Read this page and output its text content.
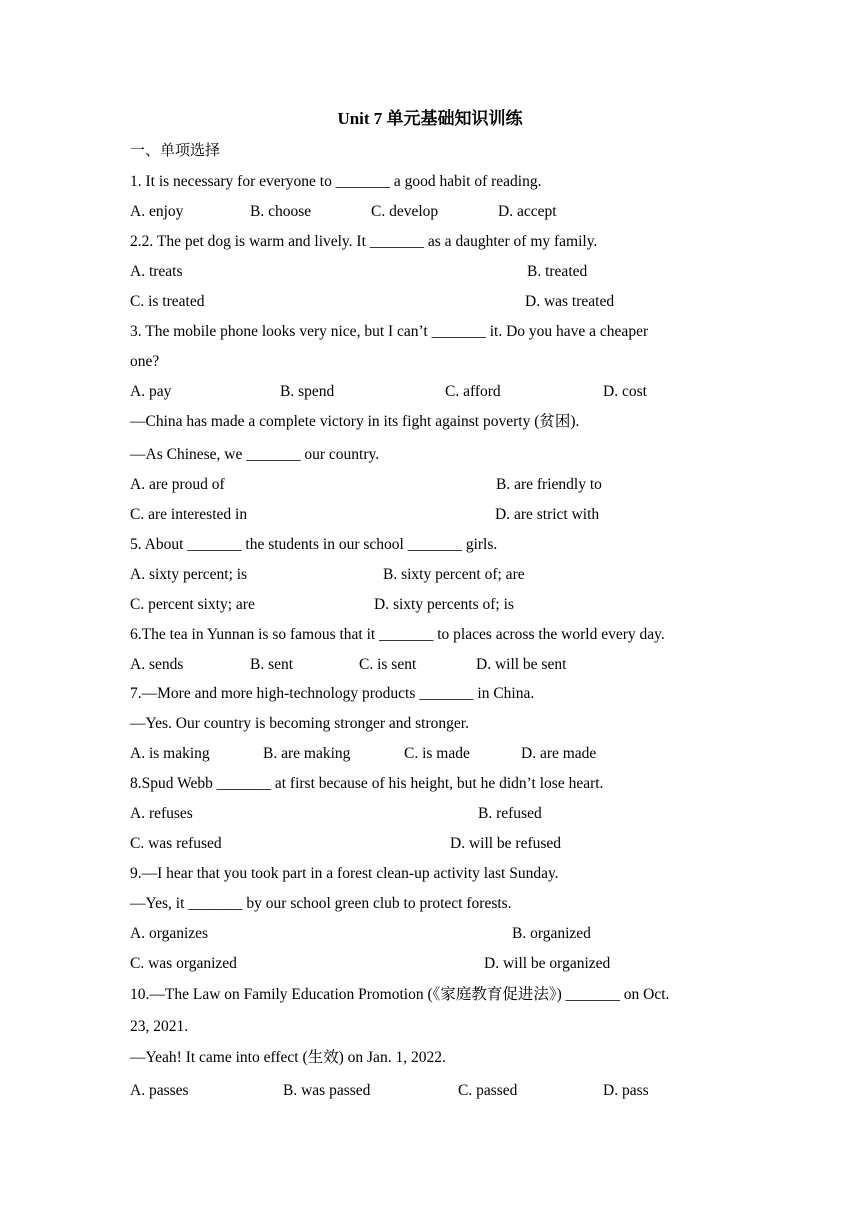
Unit 7 单元基础知识训练
一、单项选择
1. It is necessary for everyone to _______ a good habit of reading.
A. enjoy	B. choose	C. develop	D. accept
2.2. The pet dog is warm and lively. It _______ as a daughter of my family.
A. treats	B. treated
C. is treated	D. was treated
3. The mobile phone looks very nice, but I can’t _______ it. Do you have a cheaper
one?
A. pay	B. spend	C. afford	D. cost
—China has made a complete victory in its fight against poverty (贫困).
—As Chinese, we _______ our country.
A. are proud of	B. are friendly to
C. are interested in	D. are strict with
5. About _______ the students in our school _______ girls.
A. sixty percent; is	B. sixty percent of; are
C. percent sixty; are	D. sixty percents of; is
6.The tea in Yunnan is so famous that it _______ to places across the world every day.
A. sends	B. sent	C. is sent	D. will be sent
7.—More and more high-technology products _______ in China.
—Yes. Our country is becoming stronger and stronger.
A. is making	B. are making	C. is made	D. are made
8.Spud Webb _______ at first because of his height, but he didn’t lose heart.
A. refuses	B. refused
C. was refused	D. will be refused
9.—I hear that you took part in a forest clean-up activity last Sunday.
—Yes, it _______ by our school green club to protect forests.
A. organizes	B. organized
C. was organized	D. will be organized
10.—The Law on Family Education Promotion (《家庭教育促进法》) _______ on Oct.
23, 2021.
—Yeah! It came into effect (生效) on Jan. 1, 2022.
A. passes	B. was passed	C. passed	D. pass
